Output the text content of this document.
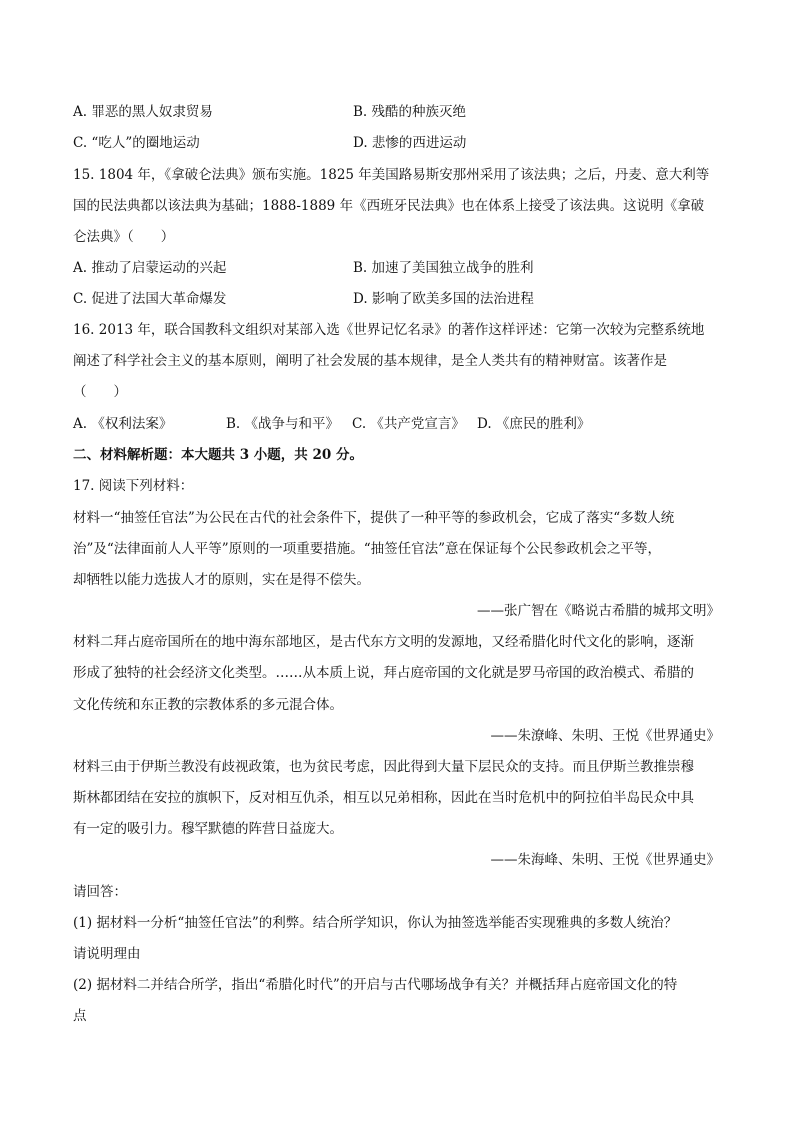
A. 罪恶的黑人奴隶贸易	B. 残酷的种族灭绝
C. “吃人”的圈地运动	D. 悲惨的西进运动
15. 1804 年，《拿破仑法典》颁布实施。1825 年美国路易斯安那州采用了该法典；之后，丹麦、意大利等
国的民法典都以该法典为基础；1888-1889 年《西班牙民法典》也在体系上接受了该法典。这说明《拿破
仑法典》（　　）
A. 推动了启蒙运动的兴起	B. 加速了美国独立战争的胜利
C. 促进了法国大革命爆发	D. 影响了欧美多国的法治进程
16. 2013 年，联合国教科文组织对某部入选《世界记忆名录》的著作这样评述：它第一次较为完整系统地
阐述了科学社会主义的基本原则，阐明了社会发展的基本规律，是全人类共有的精神财富。该著作是
（　　）
A. 《权利法案》	B. 《战争与和平》 C. 《共产党宣言》 D. 《庶民的胜利》
二、材料解析题：本大题共 3 小题，共 20 分。
17. 阅读下列材料：
材料一“抽签任官法”为公民在古代的社会条件下，提供了一种平等的参政机会，它成了落实“多数人统
治”及“法律面前人人平等”原则的一项重要措施。“抽签任官法”意在保证每个公民参政机会之平等，
却牺牲以能力选拔人才的原则，实在是得不偿失。
——张广智在《略说古希腊的城邦文明》
材料二拜占庭帝国所在的地中海东部地区，是古代东方文明的发源地，又经希腊化时代文化的影响，逐渐
形成了独特的社会经济文化类型。……从本质上说，拜占庭帝国的文化就是罗马帝国的政治模式、希腊的
文化传统和东正教的宗教体系的多元混合体。
——朱潦峰、朱明、王悦《世界通史》
材料三由于伊斯兰教没有歧视政策，也为贫民考虑，因此得到大量下层民众的支持。而且伊斯兰教推崇穆
斯林都团结在安拉的旗帜下，反对相互仇杀，相互以兄弟相称，因此在当时危机中的阿拉伯半岛民众中具
有一定的吸引力。穆罕默德的阵营日益庞大。
——朱海峰、朱明、王悦《世界通史》
请回答：
(1) 据材料一分析“抽签任官法”的利弊。结合所学知识，你认为抽签选举能否实现雅典的多数人统治？
请说明理由
(2) 据材料二并结合所学，指出“希腊化时代”的开启与古代哪场战争有关？并概括拜占庭帝国文化的特
点
